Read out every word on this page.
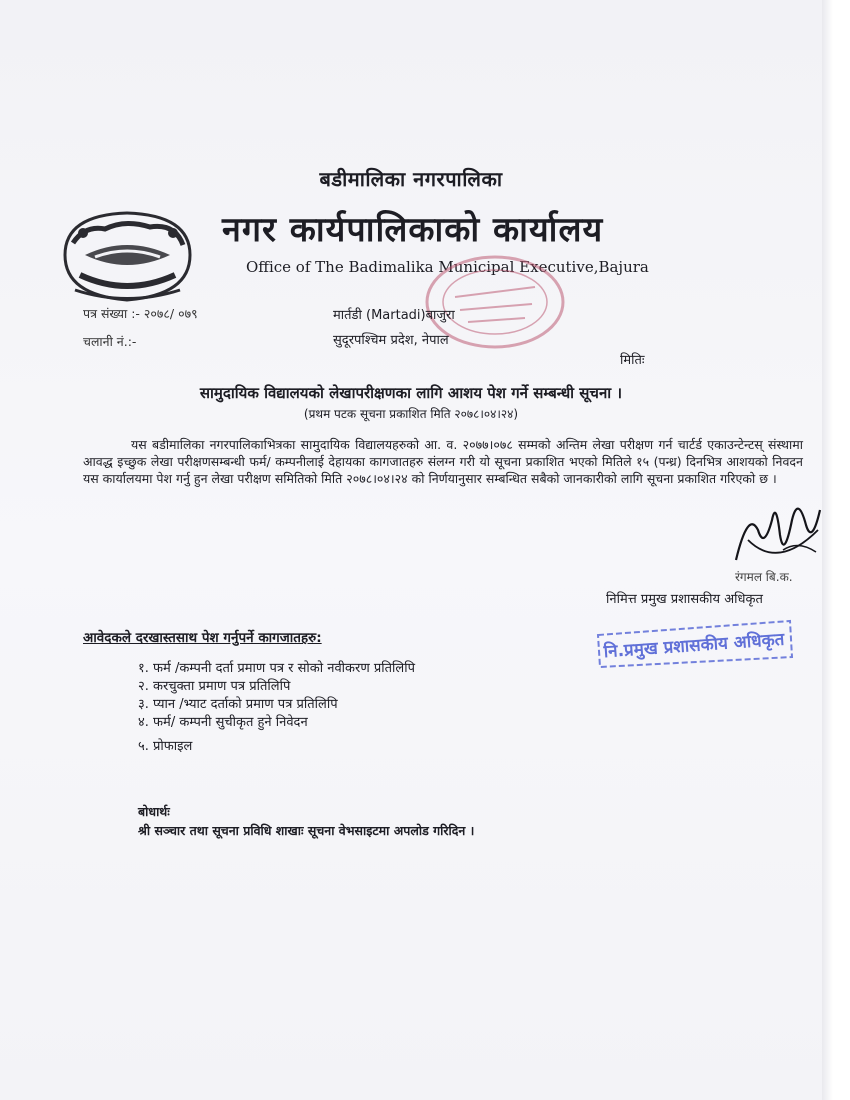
बडीमालिका नगरपालिका
नगर कार्यपालिकाको कार्यालय
Office of The Badimalika Municipal Executive,Bajura
पत्र संख्या :- २०७८/ ०७९
चलानी नं.:-
मार्तडी (Martadi)बाजुरा
सुदूरपश्चिम प्रदेश, नेपाल
मितिः
सामुदायिक विद्यालयको लेखापरीक्षणका लागि आशय पेश गर्ने सम्बन्धी सूचना ।
(प्रथम पटक सूचना प्रकाशित मिति २०७८।०४।२४)
यस बडीमालिका नगरपालिकाभित्रका सामुदायिक विद्यालयहरुको आ. व. २०७७।०७८ सम्मको अन्तिम लेखा परीक्षण गर्न चार्टर्ड एकाउन्टेन्टस् संस्थामा आवद्ध इच्छुक लेखा परीक्षणसम्बन्धी फर्म/ कम्पनीलाई देहायका कागजातहरु संलग्न गरी यो सूचना प्रकाशित भएको मितिले १५ (पन्ध्र) दिनभित्र आशयको निवदन यस कार्यालयमा पेश गर्नु हुन लेखा परीक्षण समितिको मिति २०७८।०४।२४ को निर्णयानुसार सम्बन्धित सबैको जानकारीको लागि सूचना प्रकाशित गरिएको छ ।
रंगमल बि.क.
निमित्त प्रमुख प्रशासकीय अधिकृत
नि.प्रमुख प्रशासकीय अधिकृत
आवेदकले दरखास्तसाथ पेश गर्नुपर्ने कागजातहरु:
१. फर्म /कम्पनी दर्ता प्रमाण पत्र र सोको नवीकरण प्रतिलिपि
२. करचुक्ता प्रमाण पत्र प्रतिलिपि
३. प्यान /भ्याट दर्ताको प्रमाण पत्र प्रतिलिपि
४. फर्म/ कम्पनी सुचीकृत हुने निवेदन
५. प्रोफाइल
बोधार्थः
श्री सञ्चार तथा सूचना प्रविधि शाखाः सूचना वेभसाइटमा अपलोड गरिदिन ।
